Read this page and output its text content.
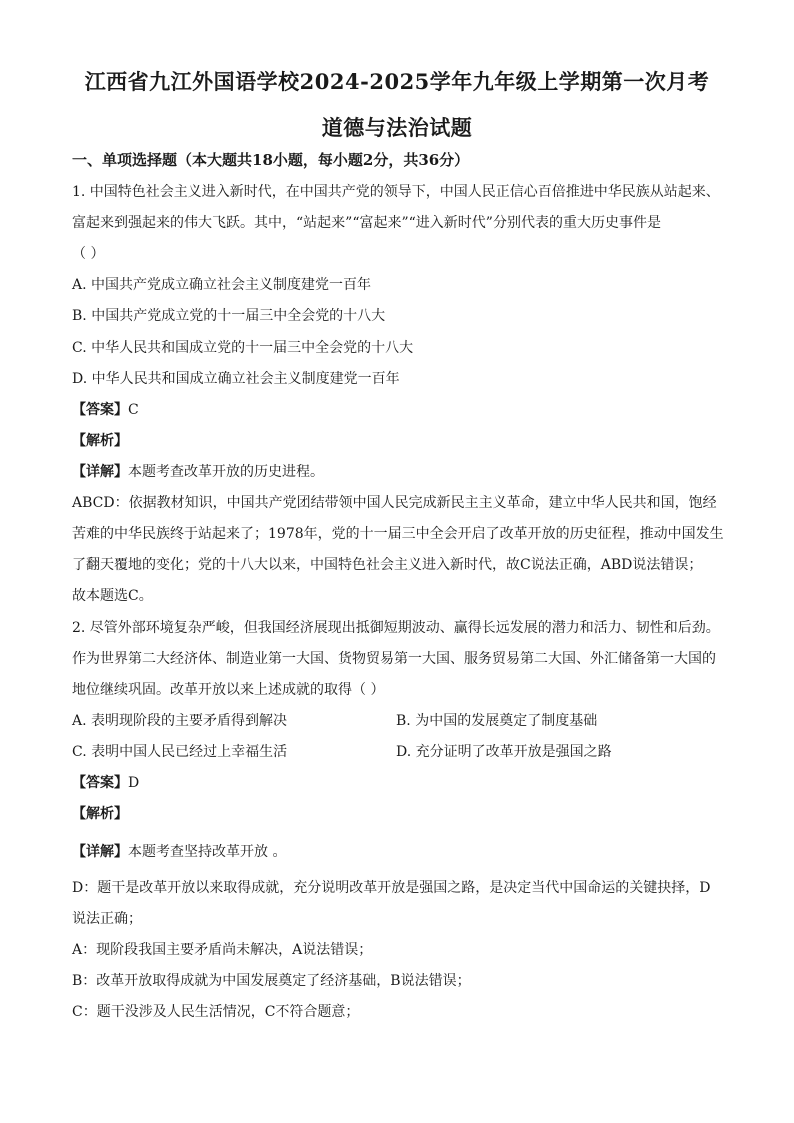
江西省九江外国语学校2024-2025学年九年级上学期第一次月考
道德与法治试题
一、单项选择题（本大题共18小题，每小题2分，共36分）
1. 中国特色社会主义进入新时代，在中国共产党的领导下，中国人民正信心百倍推进中华民族从站起来、
富起来到强起来的伟大飞跃。其中，“站起来”“富起来”“进入新时代”分别代表的重大历史事件是
（ ）
A. 中国共产党成立确立社会主义制度建党一百年
B. 中国共产党成立党的十一届三中全会党的十八大
C. 中华人民共和国成立党的十一届三中全会党的十八大
D. 中华人民共和国成立确立社会主义制度建党一百年
【答案】C
【解析】
【详解】本题考查改革开放的历史进程。
ABCD：依据教材知识，中国共产党团结带领中国人民完成新民主主义革命，建立中华人民共和国，饱经
苦难的中华民族终于站起来了；1978年，党的十一届三中全会开启了改革开放的历史征程，推动中国发生
了翻天覆地的变化；党的十八大以来，中国特色社会主义进入新时代，故C说法正确，ABD说法错误；
故本题选C。
2. 尽管外部环境复杂严峻，但我国经济展现出抵御短期波动、赢得长远发展的潜力和活力、韧性和后劲。
作为世界第二大经济体、制造业第一大国、货物贸易第一大国、服务贸易第二大国、外汇储备第一大国的
地位继续巩固。改革开放以来上述成就的取得（ ）
A. 表明现阶段的主要矛盾得到解决	B. 为中国的发展奠定了制度基础
C. 表明中国人民已经过上幸福生活	D. 充分证明了改革开放是强国之路
【答案】D
【解析】
【详解】本题考查坚持改革开放 。
D：题干是改革开放以来取得成就，充分说明改革开放是强国之路，是决定当代中国命运的关键抉择，D
说法正确；
A：现阶段我国主要矛盾尚未解决，A说法错误；
B：改革开放取得成就为中国发展奠定了经济基础，B说法错误；
C：题干没涉及人民生活情况，C不符合题意；
